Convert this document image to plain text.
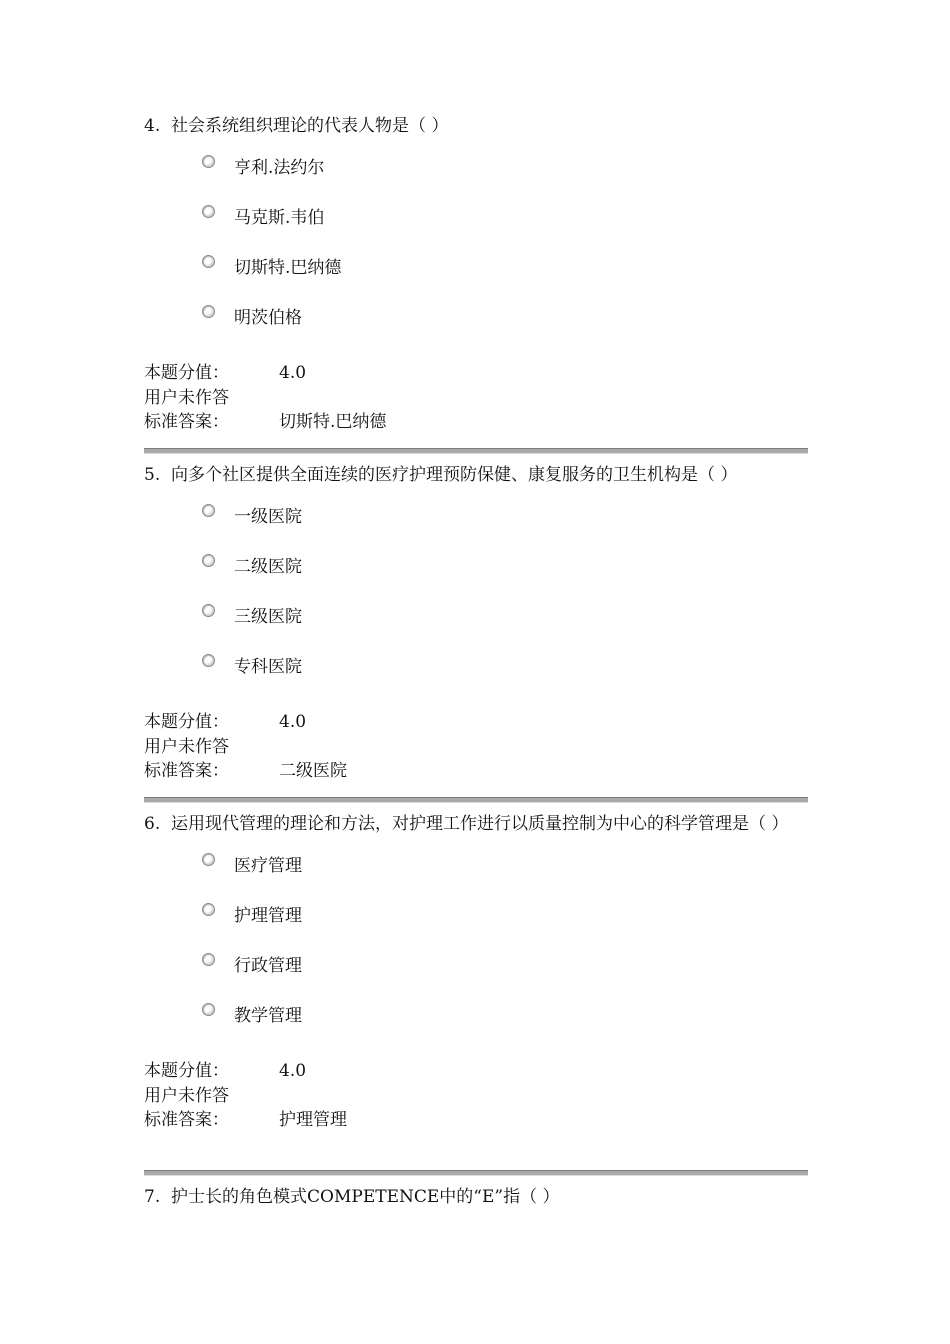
4. 社会系统组织理论的代表人物是（ ）

亨利.法约尔
马克斯.韦伯
切斯特.巴纳德
明茨伯格
本题分值：	4.0
用户未作答
标准答案：	切斯特.巴纳德

5. 向多个社区提供全面连续的医疗护理预防保健、康复服务的卫生机构是（ ）

一级医院
二级医院
三级医院
专科医院
本题分值：	4.0
用户未作答
标准答案：	二级医院

6. 运用现代管理的理论和方法，对护理工作进行以质量控制为中心的科学管理是（ ）

医疗管理
护理管理
行政管理
教学管理
本题分值：	4.0
用户未作答
标准答案：	护理管理

7. 护士长的角色模式COMPETENCE中的“E”指（ ）
